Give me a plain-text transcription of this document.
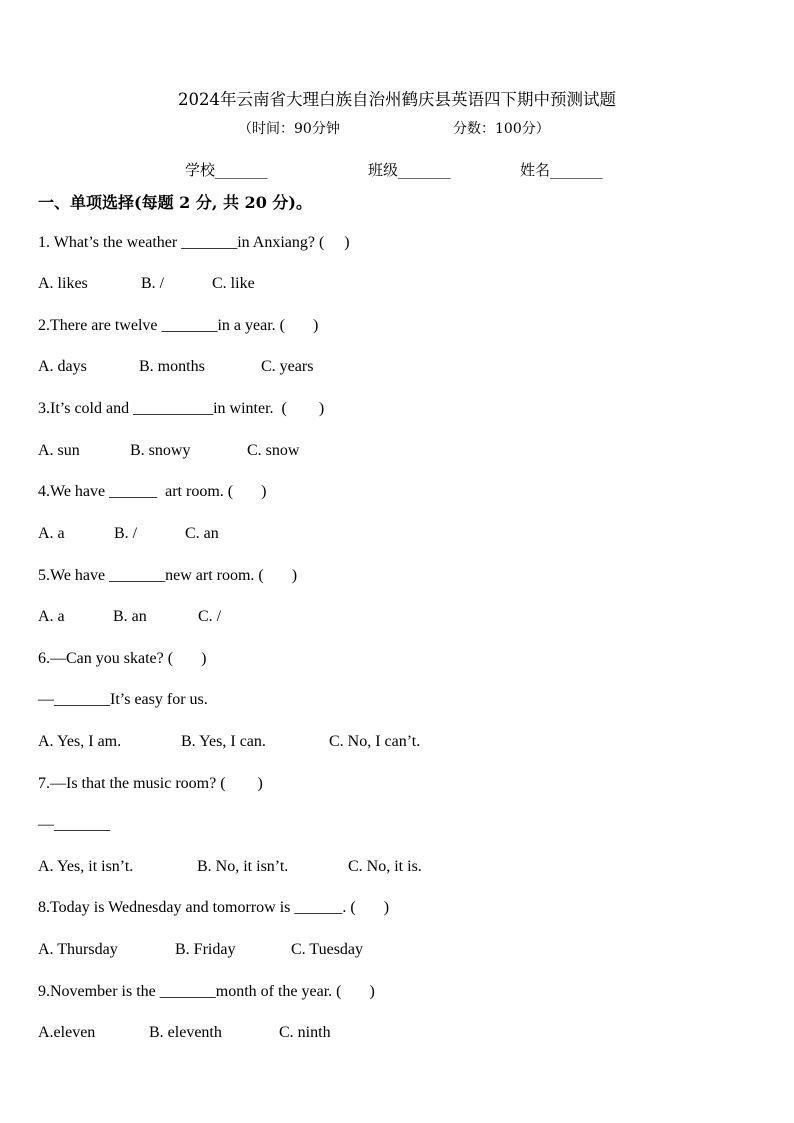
2024年云南省大理白族自治州鹤庆县英语四下期中预测试题
（时间：90分钟	分数：100分）
学校_______	班级_______	姓名_______
一、单项选择(每题 2 分, 共 20 分)。
1. What’s the weather _______in Anxiang? (     )
A. likes	B. /	C. like
2.There are twelve _______in a year. (       )
A. days	B. months	C. years
3.It’s cold and __________in winter.  (        )
A. sun	B. snowy	C. snow
4.We have ______  art room. (       )
A. a	B. /	C. an
5.We have _______new art room. (       )
A. a	B. an	C. /
6.—Can you skate? (       )
—_______It’s easy for us.
A. Yes, I am.	B. Yes, I can.	C. No, I can’t.
7.—Is that the music room? (        )
—_______
A. Yes, it isn’t.	B. No, it isn’t.	C. No, it is.
8.Today is Wednesday and tomorrow is ______. (       )
A. Thursday	B. Friday	C. Tuesday
9.November is the _______month of the year. (       )
A.eleven	B. eleventh	C. ninth
